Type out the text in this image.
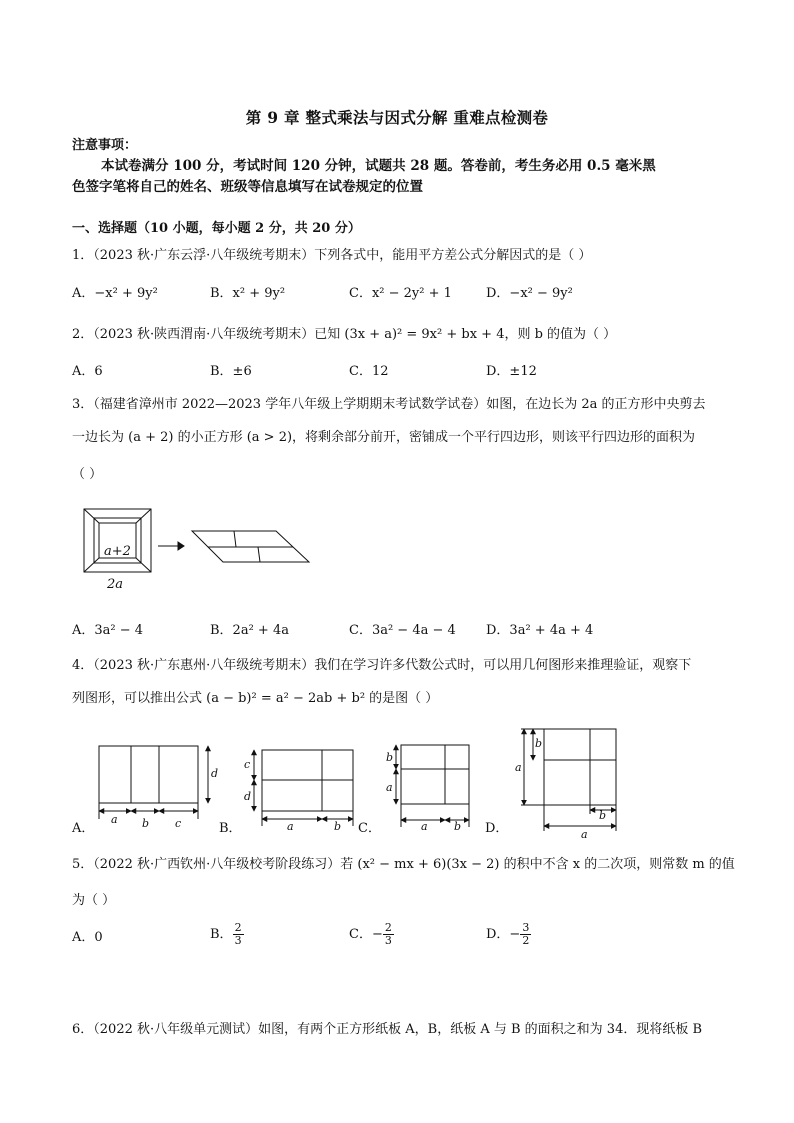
第 9 章 整式乘法与因式分解 重难点检测卷
注意事项：
本试卷满分 100 分，考试时间 120 分钟，试题共 28 题。答卷前，考生务必用 0.5 毫米黑
色签字笔将自己的姓名、班级等信息填写在试卷规定的位置
一、选择题（10 小题，每小题 2 分，共 20 分）
1．（2023 秋·广东云浮·八年级统考期末）下列各式中，能用平方差公式分解因式的是（ ）
A．−x² + 9y²	B．x² + 9y²	C．x² − 2y² + 1	D．−x² − 9y²
2．（2023 秋·陕西渭南·八年级统考期末）已知 (3x + a)² = 9x² + bx + 4，则 b 的值为（ ）
A．6	B．±6	C．12	D．±12
3．（福建省漳州市 2022—2023 学年八年级上学期期末考试数学试卷）如图，在边长为 2a 的正方形中央剪去
一边长为 (a + 2) 的小正方形 (a > 2)，将剩余部分前开，密铺成一个平行四边形，则该平行四边形的面积为
（ ）
a+2
2a
A．3a² − 4	B．2a² + 4a	C．3a² − 4a − 4 D．3a² + 4a + 4
4．（2023 秋·广东惠州·八年级统考期末）我们在学习许多代数公式时，可以用几何图形来推理验证，观察下
列图形，可以推出公式 (a − b)² = a² − 2ab + b² 的是图（ ）
d
a b c
c
d
a	b
b
a
a b
a
b
a
b
A．	B．	C．	D．
5．（2022 秋·广西钦州·八年级校考阶段练习）若 (x² − mx + 6)(3x − 2) 的积中不含 x 的二次项，则常数 m 的值
为（ ）
A．0	B． $\frac{2}{3}$	C．− $\frac{2}{3}$	D．− $\frac{3}{2}$
6．（2022 秋·八年级单元测试）如图，有两个正方形纸板 A，B，纸板 A 与 B 的面积之和为 34．现将纸板 B
